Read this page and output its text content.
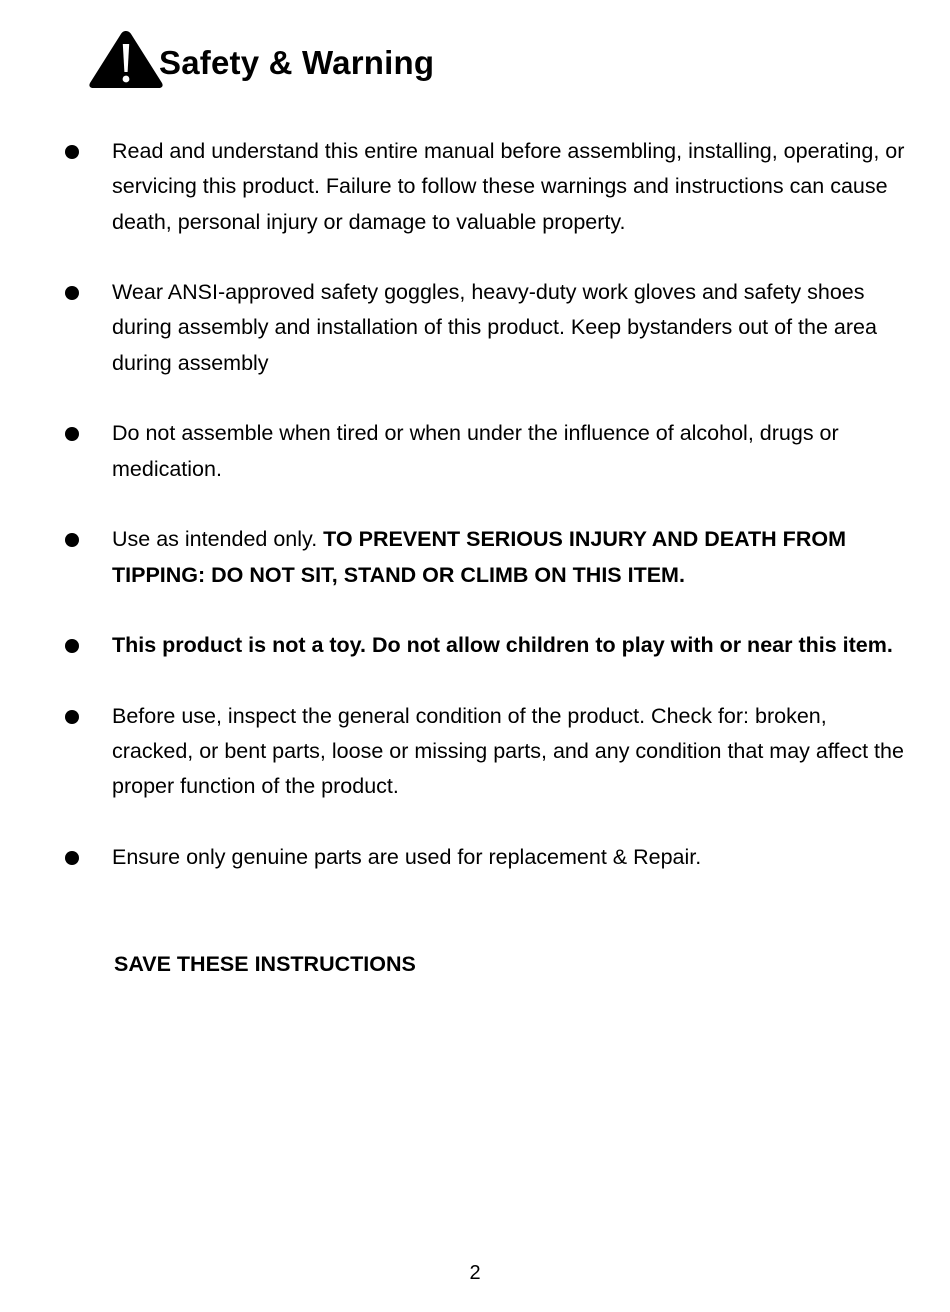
Safety & Warning
Read and understand this entire manual before assembling, installing, operating, or servicing this product. Failure to follow these warnings and instructions can cause death, personal injury or damage to valuable property.
Wear ANSI-approved safety goggles, heavy-duty work gloves and safety shoes during assembly and installation of this product. Keep bystanders out of the area during assembly
Do not assemble when tired or when under the influence of alcohol, drugs or medication.
Use as intended only. TO PREVENT SERIOUS INJURY AND DEATH FROM TIPPING: DO NOT SIT, STAND OR CLIMB ON THIS ITEM.
This product is not a toy. Do not allow children to play with or near this item.
Before use, inspect the general condition of the product. Check for: broken, cracked, or bent parts, loose or missing parts, and any condition that may affect the proper function of the product.
Ensure only genuine parts are used for replacement & Repair.
SAVE THESE INSTRUCTIONS
2
